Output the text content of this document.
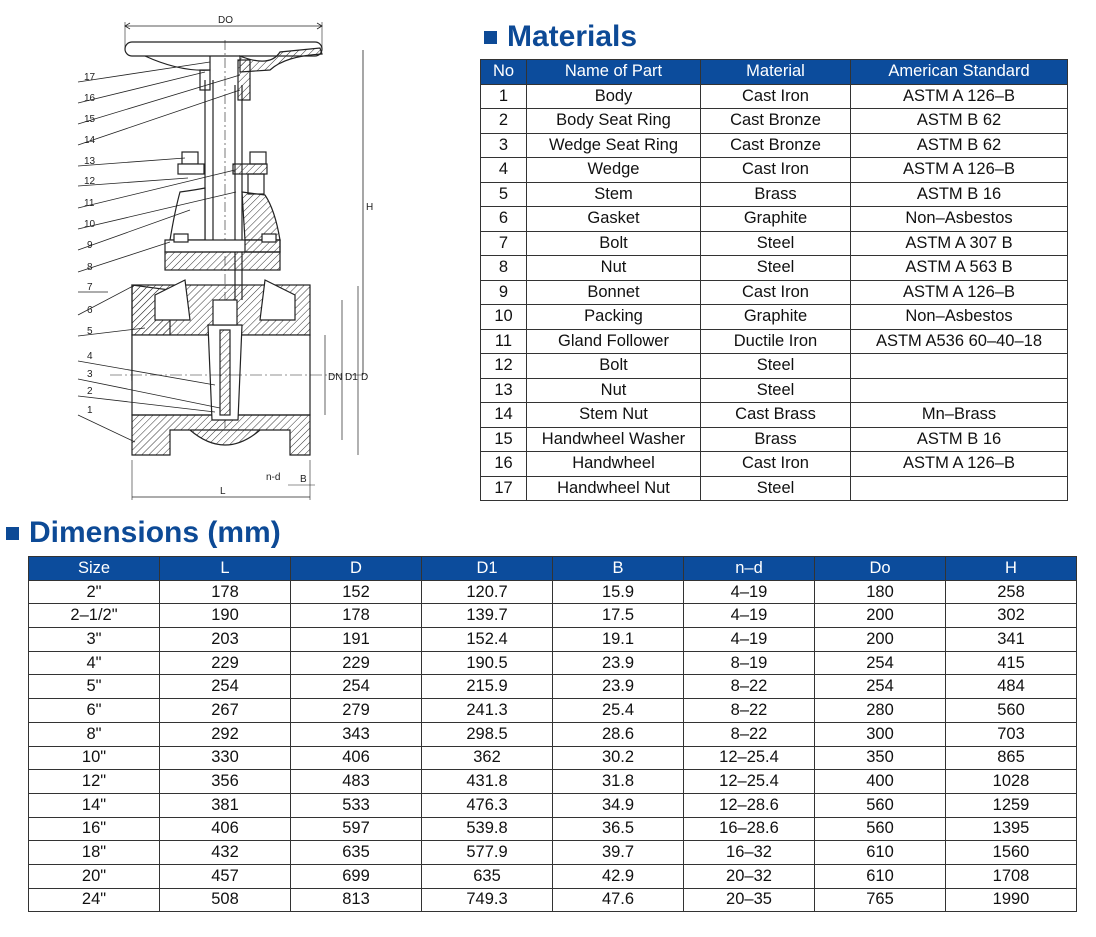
17
16
15
14
13
12
11
10
9
8
7
6
5
4
3
2
1
DO
H
DN D1 D
n-d B
L
Materials
No	Name of Part	Material	American Standard
1	Body	Cast Iron	ASTM A 126–B
2	Body Seat Ring	Cast Bronze	ASTM B 62
3	Wedge Seat Ring	Cast Bronze	ASTM B 62
4	Wedge	Cast Iron	ASTM A 126–B
5	Stem	Brass	ASTM B 16
6	Gasket	Graphite	Non–Asbestos
7	Bolt	Steel	ASTM A 307 B
8	Nut	Steel	ASTM A 563 B
9	Bonnet	Cast Iron	ASTM A 126–B
10	Packing	Graphite	Non–Asbestos
11	Gland Follower	Ductile Iron	ASTM A536 60–40–18
12	Bolt	Steel	
13	Nut	Steel	
14	Stem Nut	Cast Brass	Mn–Brass
15	Handwheel Washer	Brass	ASTM B 16
16	Handwheel	Cast Iron	ASTM A 126–B
17	Handwheel Nut	Steel	
Dimensions (mm)
Size	L	D	D1	B	n–d	Do	H
2"	178	152	120.7	15.9	4–19	180	258
2–1/2"	190	178	139.7	17.5	4–19	200	302
3"	203	191	152.4	19.1	4–19	200	341
4"	229	229	190.5	23.9	8–19	254	415
5"	254	254	215.9	23.9	8–22	254	484
6"	267	279	241.3	25.4	8–22	280	560
8"	292	343	298.5	28.6	8–22	300	703
10"	330	406	362	30.2	12–25.4	350	865
12"	356	483	431.8	31.8	12–25.4	400	1028
14"	381	533	476.3	34.9	12–28.6	560	1259
16"	406	597	539.8	36.5	16–28.6	560	1395
18"	432	635	577.9	39.7	16–32	610	1560
20"	457	699	635	42.9	20–32	610	1708
24"	508	813	749.3	47.6	20–35	765	1990
